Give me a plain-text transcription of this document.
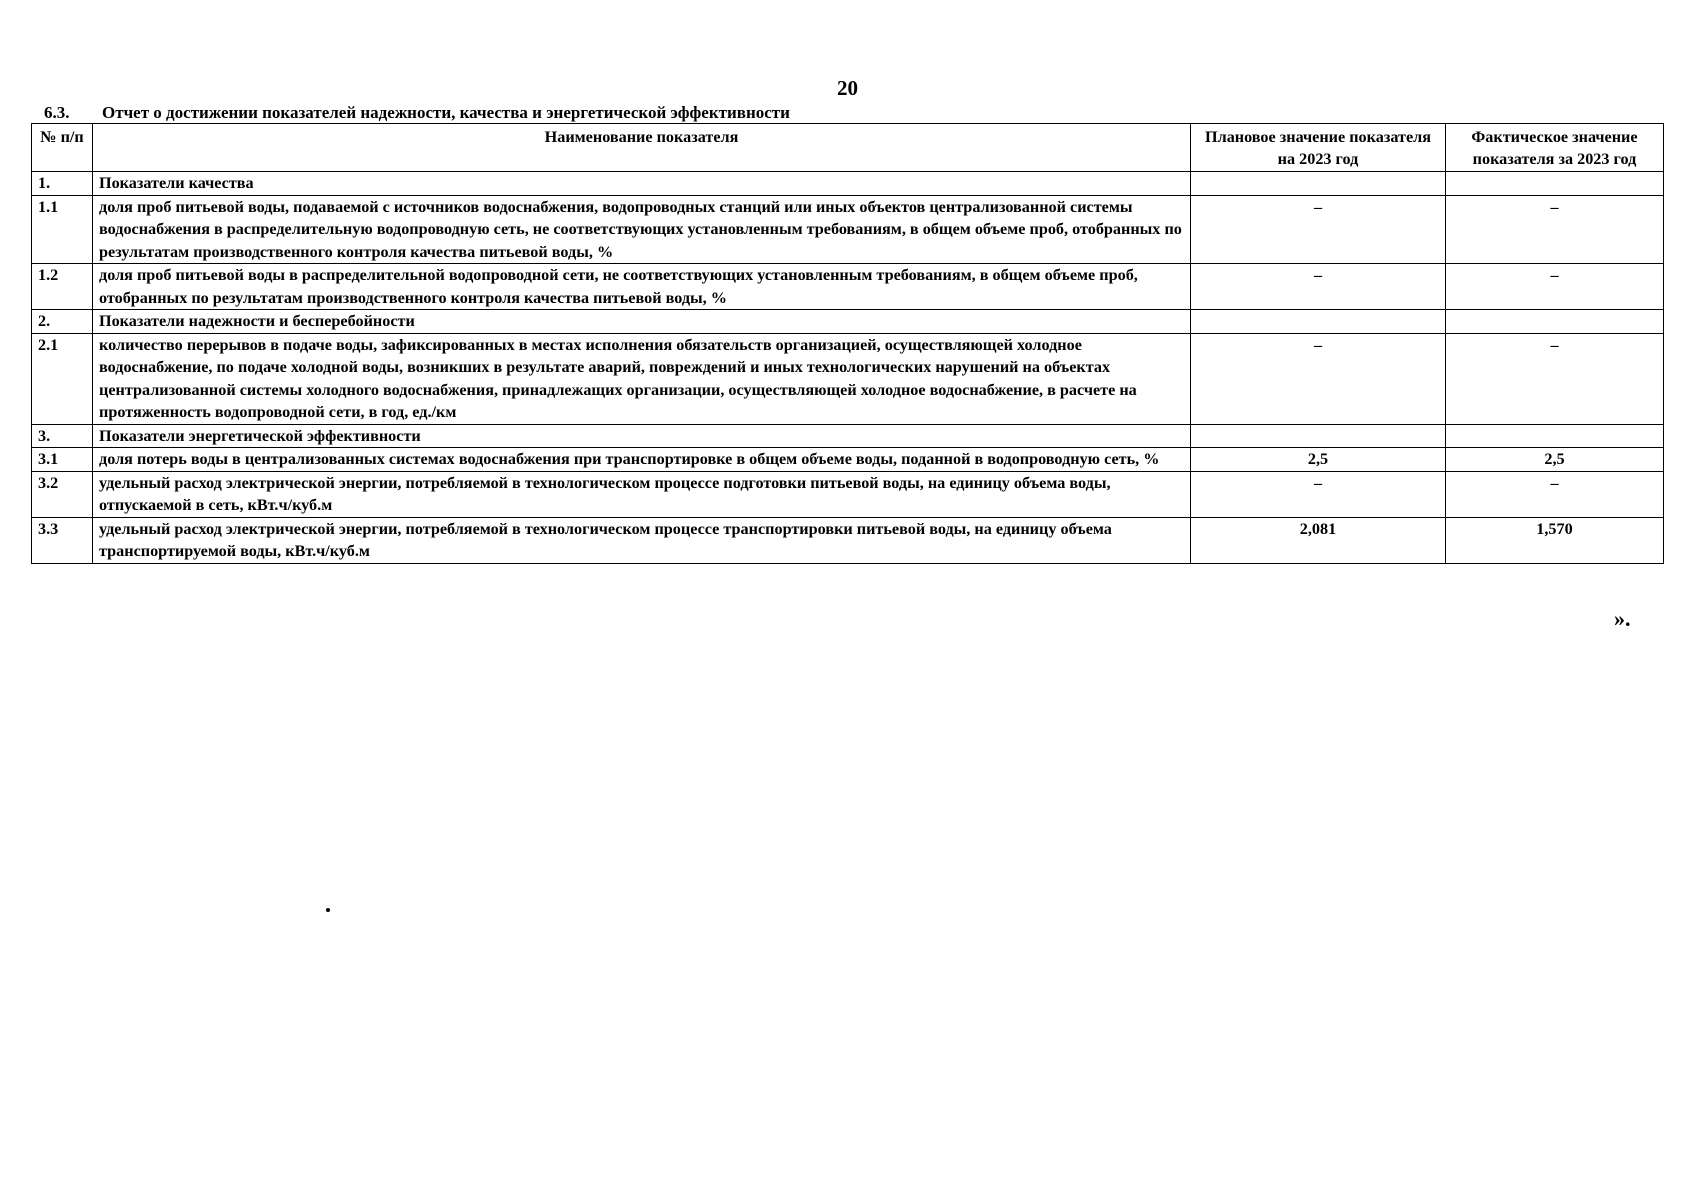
20
6.3. Отчет о достижении показателей надежности, качества и энергетической эффективности
№ п/п	Наименование показателя	Плановое значение показателя на 2023 год	Фактическое значение показателя за 2023 год
1.	Показатели качества		
1.1	доля проб питьевой воды, подаваемой с источников водоснабжения, водопроводных станций или иных объектов централизованной системы водоснабжения в распределительную водопроводную сеть, не соответствующих установленным требованиям, в общем объеме проб, отобранных по результатам производственного контроля качества питьевой воды, %	–	–
1.2	доля проб питьевой воды в распределительной водопроводной сети, не соответствующих установленным требованиям, в общем объеме проб, отобранных по результатам производственного контроля качества питьевой воды, %	–	–
2.	Показатели надежности и бесперебойности		
2.1	количество перерывов в подаче воды, зафиксированных в местах исполнения обязательств организацией, осуществляющей холодное водоснабжение, по подаче холодной воды, возникших в результате аварий, повреждений и иных технологических нарушений на объектах централизованной системы холодного водоснабжения, принадлежащих организации, осуществляющей холодное водоснабжение, в расчете на протяженность водопроводной сети, в год, ед./км	–	–
3.	Показатели энергетической эффективности		
3.1	доля потерь воды в централизованных системах водоснабжения при транспортировке в общем объеме воды, поданной в водопроводную сеть, %	2,5	2,5
3.2	удельный расход электрической энергии, потребляемой в технологическом процессе подготовки питьевой воды, на единицу объема воды, отпускаемой в сеть, кВт.ч/куб.м	–	–
3.3	удельный расход электрической энергии, потребляемой в технологическом процессе транспортировки питьевой воды, на единицу объема транспортируемой воды, кВт.ч/куб.м	2,081	1,570
».
